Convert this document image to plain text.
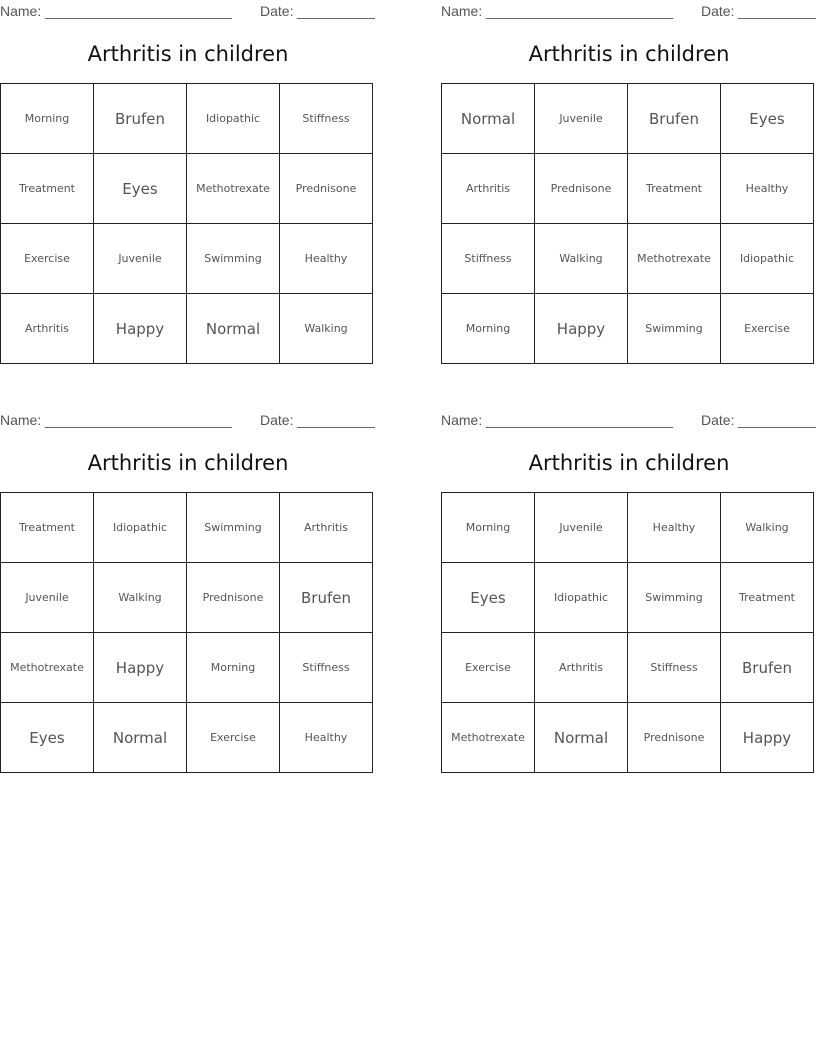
Name: ________________________ Date: __________
Arthritis in children
Morning	Brufen	Idiopathic	Stiffness
Treatment	Eyes	Methotrexate	Prednisone
Exercise	Juvenile	Swimming	Healthy
Arthritis	Happy	Normal	Walking
Name: ________________________ Date: __________
Arthritis in children
Normal	Juvenile	Brufen	Eyes
Arthritis	Prednisone	Treatment	Healthy
Stiffness	Walking	Methotrexate	Idiopathic
Morning	Happy	Swimming	Exercise
Name: ________________________ Date: __________
Arthritis in children
Treatment	Idiopathic	Swimming	Arthritis
Juvenile	Walking	Prednisone	Brufen
Methotrexate	Happy	Morning	Stiffness
Eyes	Normal	Exercise	Healthy
Name: ________________________ Date: __________
Arthritis in children
Morning	Juvenile	Healthy	Walking
Eyes	Idiopathic	Swimming	Treatment
Exercise	Arthritis	Stiffness	Brufen
Methotrexate	Normal	Prednisone	Happy
